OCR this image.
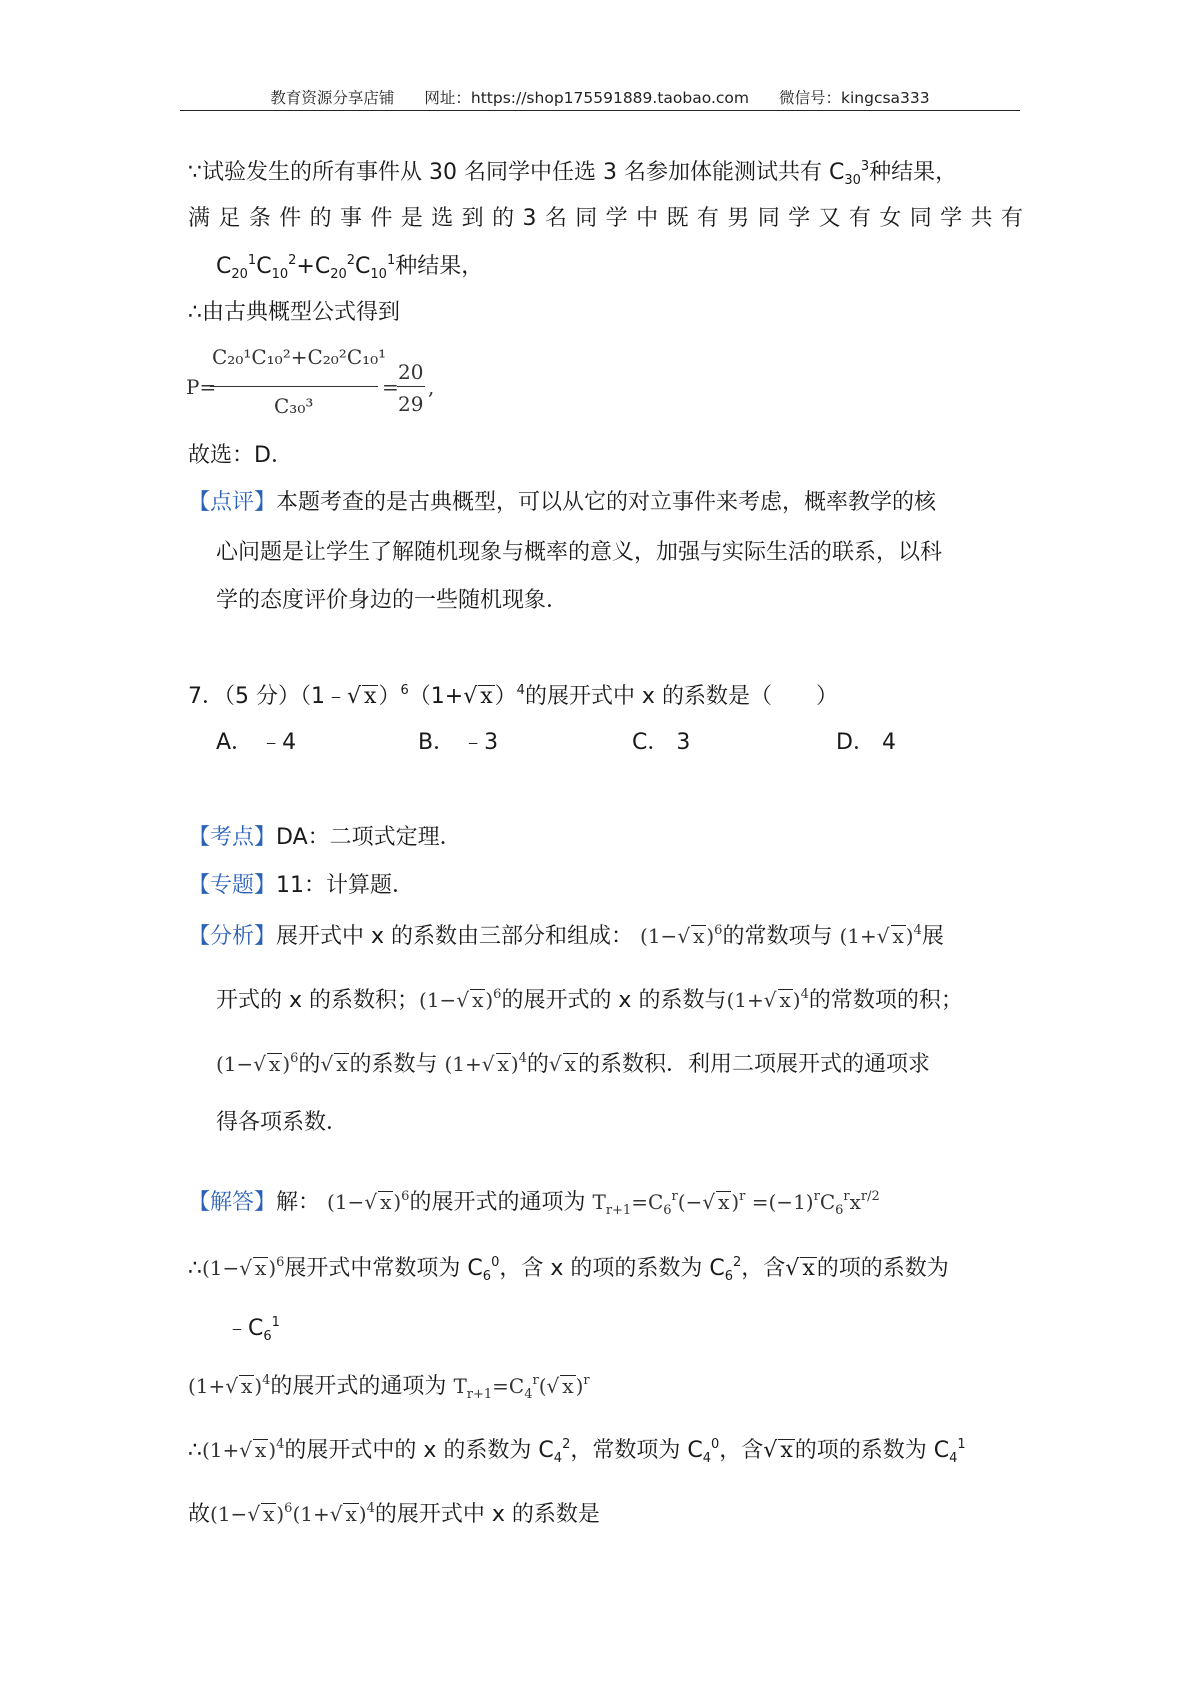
教育资源分享店铺 网址：https://shop175591889.taobao.com 微信号：kingcsa333
∵试验发生的所有事件从 30 名同学中任选 3 名参加体能测试共有 $C_{30}^3$种结果，
满 足 条 件 的 事 件 是 选 到 的 3 名 同 学 中 既 有 男 同 学 又 有 女 同 学 共 有
$C_{20}^1C_{10}^2+C_{20}^2C_{10}^1$种结果，
∴由古典概型公式得到
P=
C₂₀¹C₁₀²+C₂₀²C₁₀¹
C₃₀³
=
20
29
,
故选：D．
【点评】本题考查的是古典概型，可以从它的对立事件来考虑，概率教学的核
心问题是让学生了解随机现象与概率的意义，加强与实际生活的联系，以科
学的态度评价身边的一些随机现象．
7．（5 分）（1﹣√ x）$^6$（1+√ x）$^4$的展开式中 x 的系数是（　　）
A． ﹣4	B． ﹣3	C． 3	D． 4
【考点】DA：二项式定理．
【专题】11：计算题．
【分析】展开式中 x 的系数由三部分和组成： (1−√ x )$^6$的常数项与 (1+√ x )$^4$展
开式的 x 的系数积；(1−√ x )$^6$的展开式的 x 的系数与(1+√ x )$^4$的常数项的积；
(1−√ x )$^6$的√ x的系数与 (1+√ x )$^4$的√ x的系数积．利用二项展开式的通项求
得各项系数．
【解答】解： (1−√ x )$^6$的展开式的通项为 $T_{r+1}=C_6^r(-√$ x )$^r =(-1)^rC_6^rx^{r/2}$
∴(1−√ x )$^6$展开式中常数项为 $C_6^0$，含 x 的项的系数为 $C_6^2$，含√ x的项的系数为
$﹣C_6^1$
(1+√ x )$^4$的展开式的通项为 $T_{r+1}=C_4^r(√$ x )$^r$
∴(1+√ x )$^4$的展开式中的 x 的系数为 $C_4^2$，常数项为 $C_4^0$，含√ x的项的系数为 $C_4^1$
故(1−√ x )$^6$(1+√ x )$^4$的展开式中 x 的系数是
